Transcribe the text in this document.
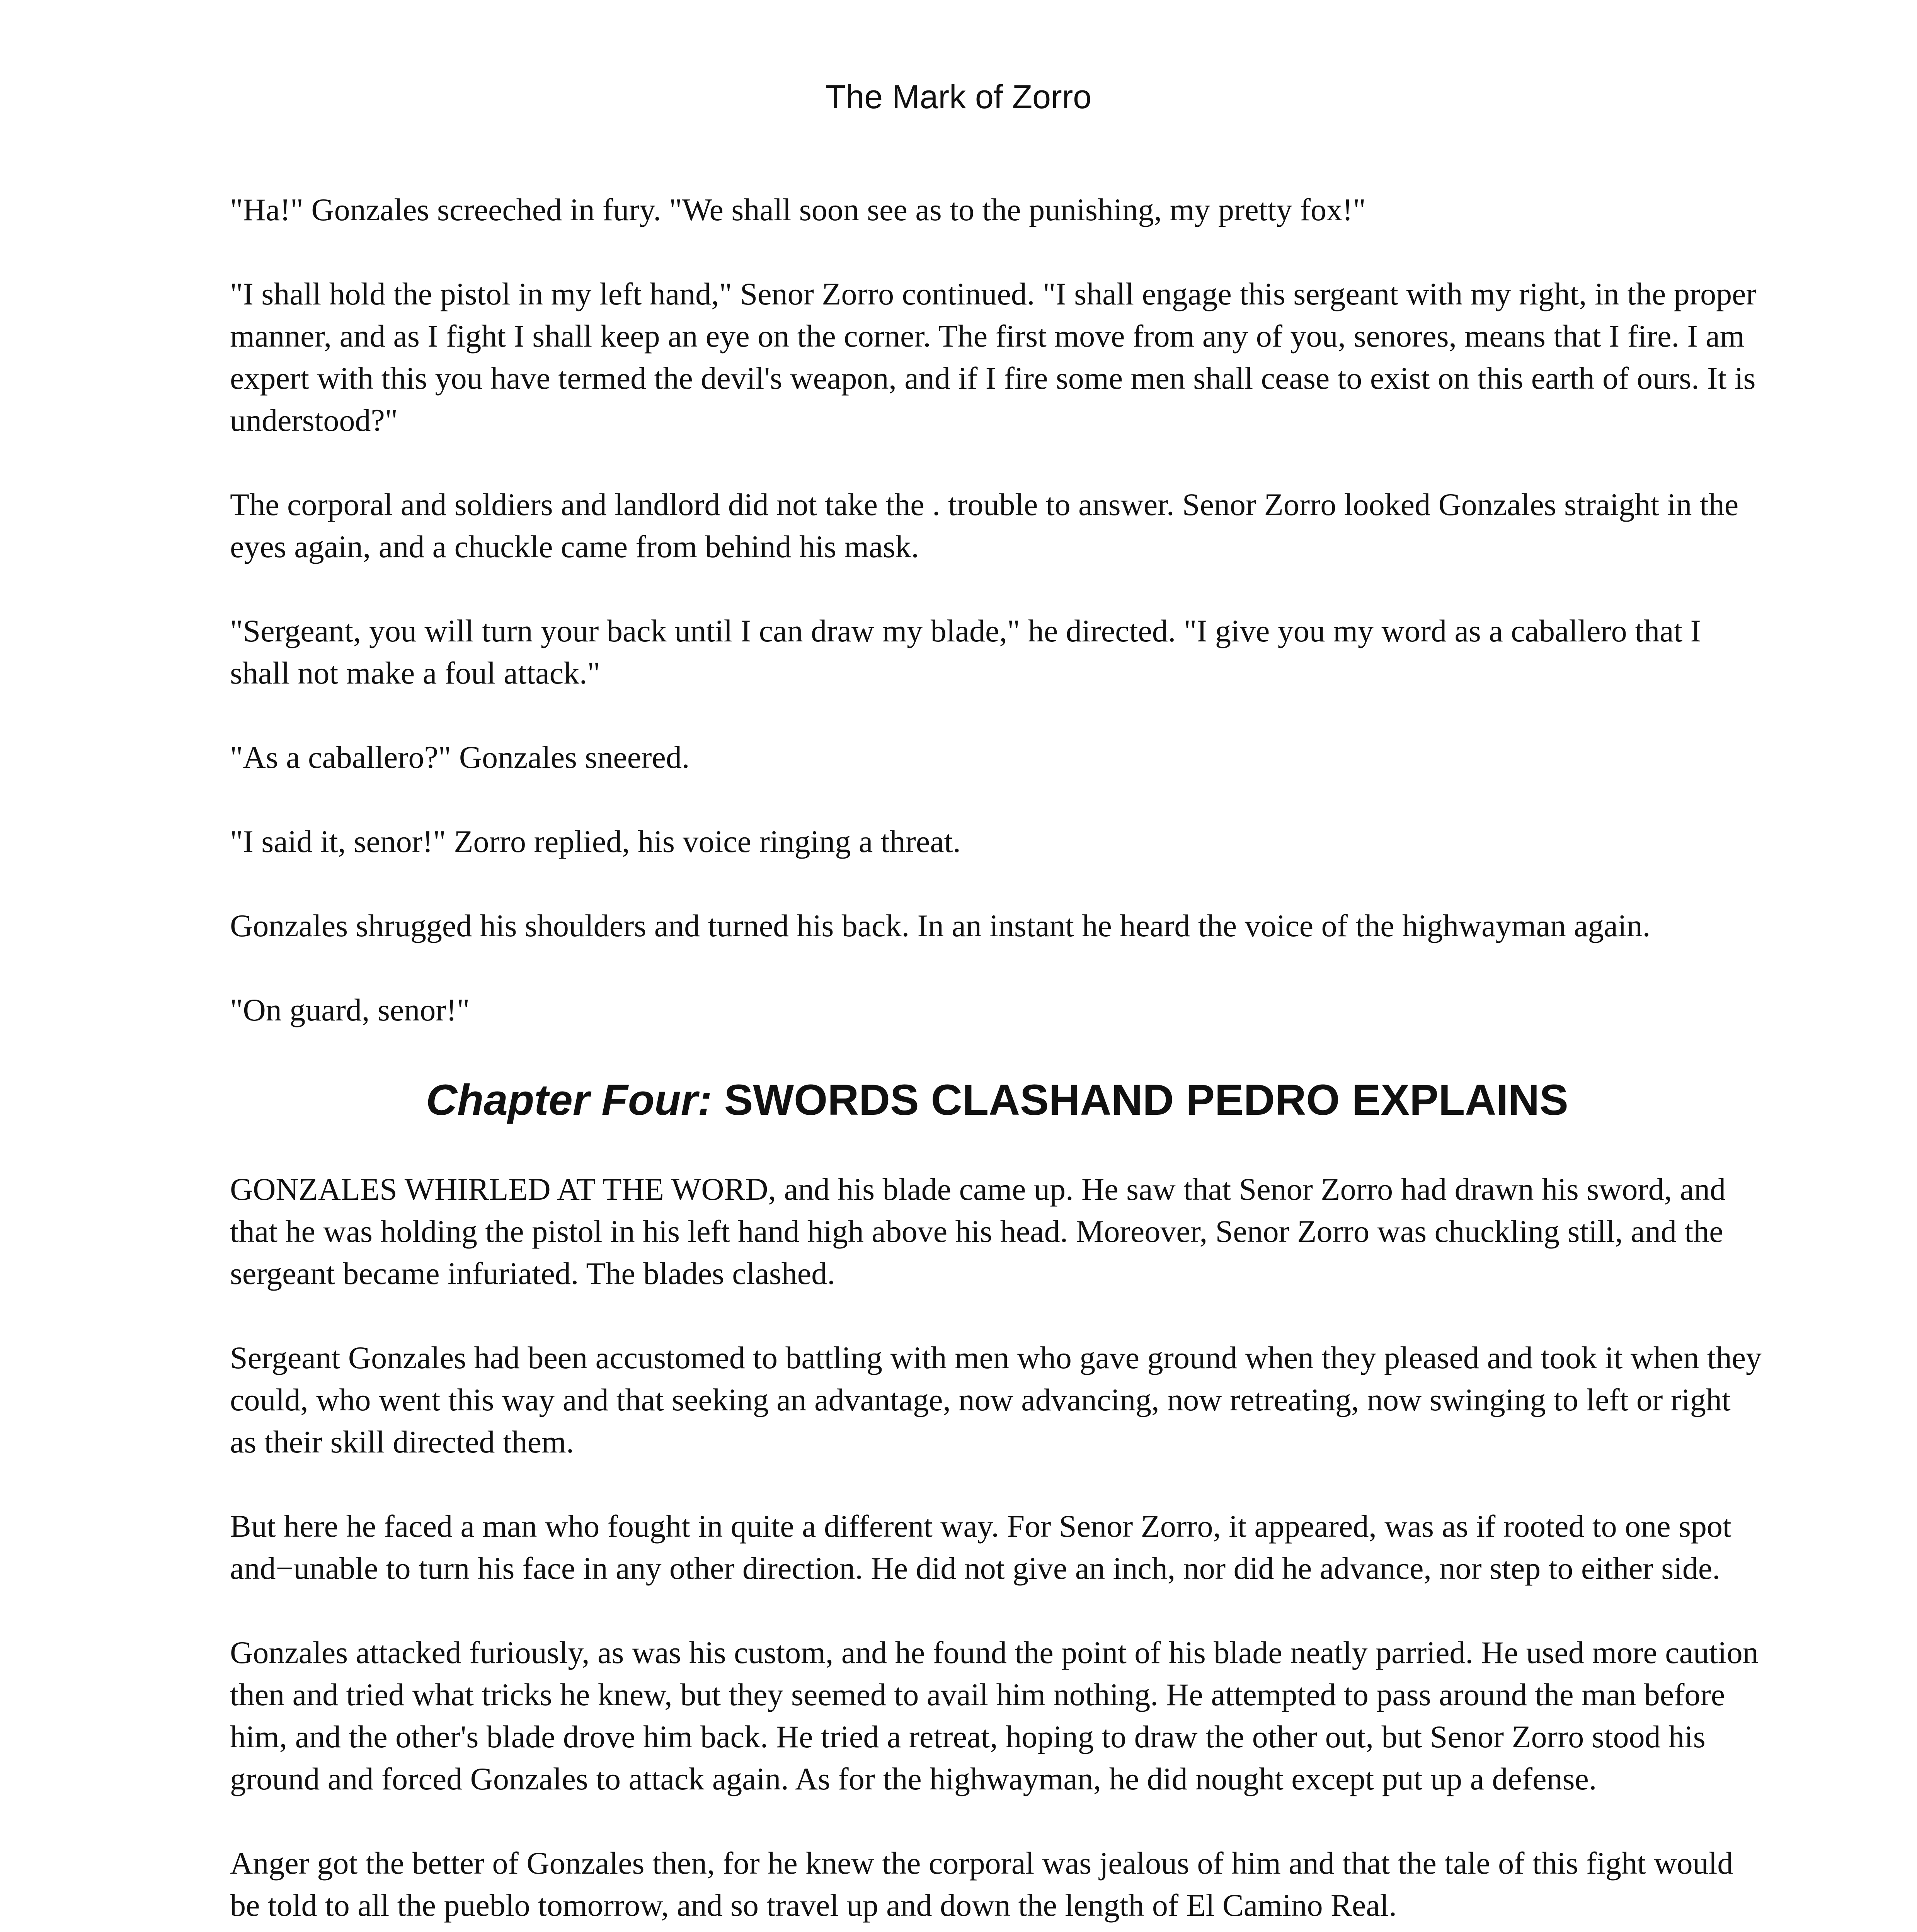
The Mark of Zorro

"Ha!" Gonzales screeched in fury. "We shall soon see as to the punishing, my pretty fox!"

"I shall hold the pistol in my left hand," Senor Zorro continued. "I shall engage this sergeant with my right, in the proper manner, and as I fight I shall keep an eye on the corner. The first move from any of you, senores, means that I fire. I am expert with this you have termed the devil's weapon, and if I fire some men shall cease to exist on this earth of ours. It is understood?"

The corporal and soldiers and landlord did not take the . trouble to answer. Senor Zorro looked Gonzales straight in the eyes again, and a chuckle came from behind his mask.

"Sergeant, you will turn your back until I can draw my blade," he directed. "I give you my word as a caballero that I shall not make a foul attack."

"As a caballero?" Gonzales sneered.

"I said it, senor!" Zorro replied, his voice ringing a threat.

Gonzales shrugged his shoulders and turned his back. In an instant he heard the voice of the highwayman again.

"On guard, senor!"

Chapter Four: SWORDS CLASHAND PEDRO EXPLAINS

GONZALES WHIRLED AT THE WORD, and his blade came up. He saw that Senor Zorro had drawn his sword, and that he was holding the pistol in his left hand high above his head. Moreover, Senor Zorro was chuckling still, and the sergeant became infuriated. The blades clashed.

Sergeant Gonzales had been accustomed to battling with men who gave ground when they pleased and took it when they could, who went this way and that seeking an advantage, now advancing, now retreating, now swinging to left or right as their skill directed them.

But here he faced a man who fought in quite a different way. For Senor Zorro, it appeared, was as if rooted to one spot and−unable to turn his face in any other direction. He did not give an inch, nor did he advance, nor step to either side.

Gonzales attacked furiously, as was his custom, and he found the point of his blade neatly parried. He used more caution then and tried what tricks he knew, but they seemed to avail him nothing. He attempted to pass around the man before him, and the other's blade drove him back. He tried a retreat, hoping to draw the other out, but Senor Zorro stood his ground and forced Gonzales to attack again. As for the highwayman, he did nought except put up a defense.

Anger got the better of Gonzales then, for he knew the corporal was jealous of him and that the tale of this fight would be told to all the pueblo tomorrow, and so travel up and down the length of El Camino Real.
